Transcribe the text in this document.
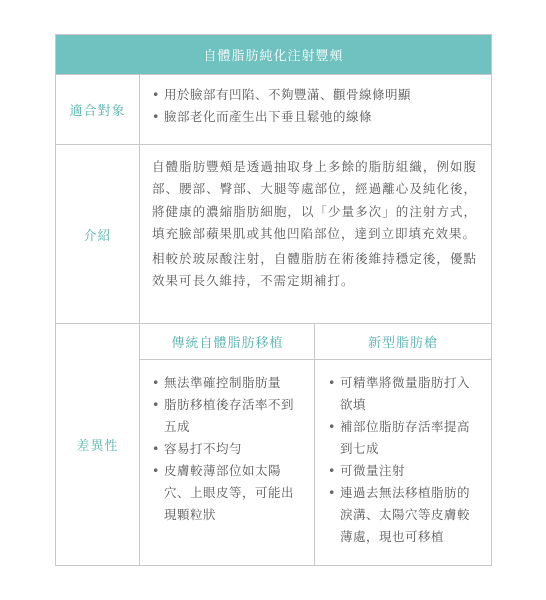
自體脂肪純化注射豐頰
適合對象
• 用於臉部有凹陷、不夠豐滿、顴骨線條明顯
• 臉部老化而產生出下垂且鬆弛的線條
介紹

自體脂肪豐頰是透過抽取身上多餘的脂肪組織，例如腹部、腰部、臀部、大腿等處部位，經過離心及純化後，將健康的濃縮脂肪細胞，以「少量多次」的注射方式，填充臉部蘋果肌或其他凹陷部位，達到立即填充效果。

相較於玻尿酸注射，自體脂肪在術後維持穩定後，優點效果可長久維持，不需定期補打。

差異性
傳統自體脂肪移植	新型脂肪槍
• 無法準確控制脂肪量
• 脂肪移植後存活率不到五成
• 容易打不均勻
• 皮膚較薄部位如太陽穴、上眼皮等，可能出現顆粒狀
• 可精準將微量脂肪打入欲填
• 補部位脂肪存活率提高到七成
• 可微量注射
• 連過去無法移植脂肪的淚溝、太陽穴等皮膚較薄處，現也可移植
